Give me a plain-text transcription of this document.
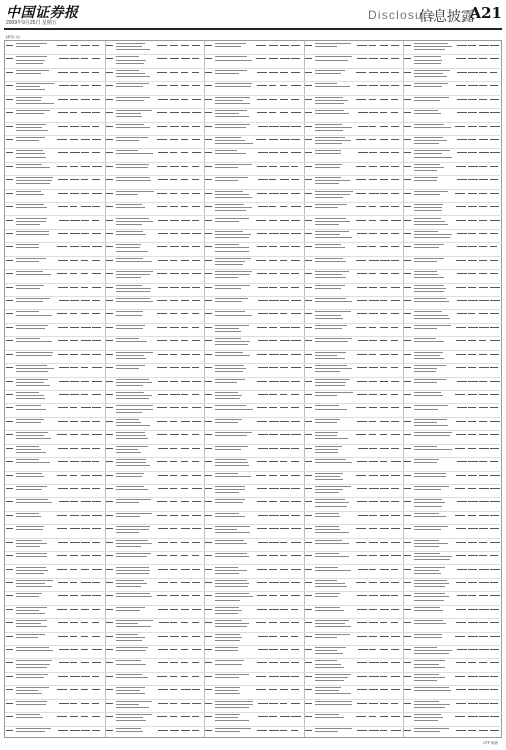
中国证券报
2009年9月25日 星期五
Disclosure
信息披露
A21
(单位:元)
CFP 制表
